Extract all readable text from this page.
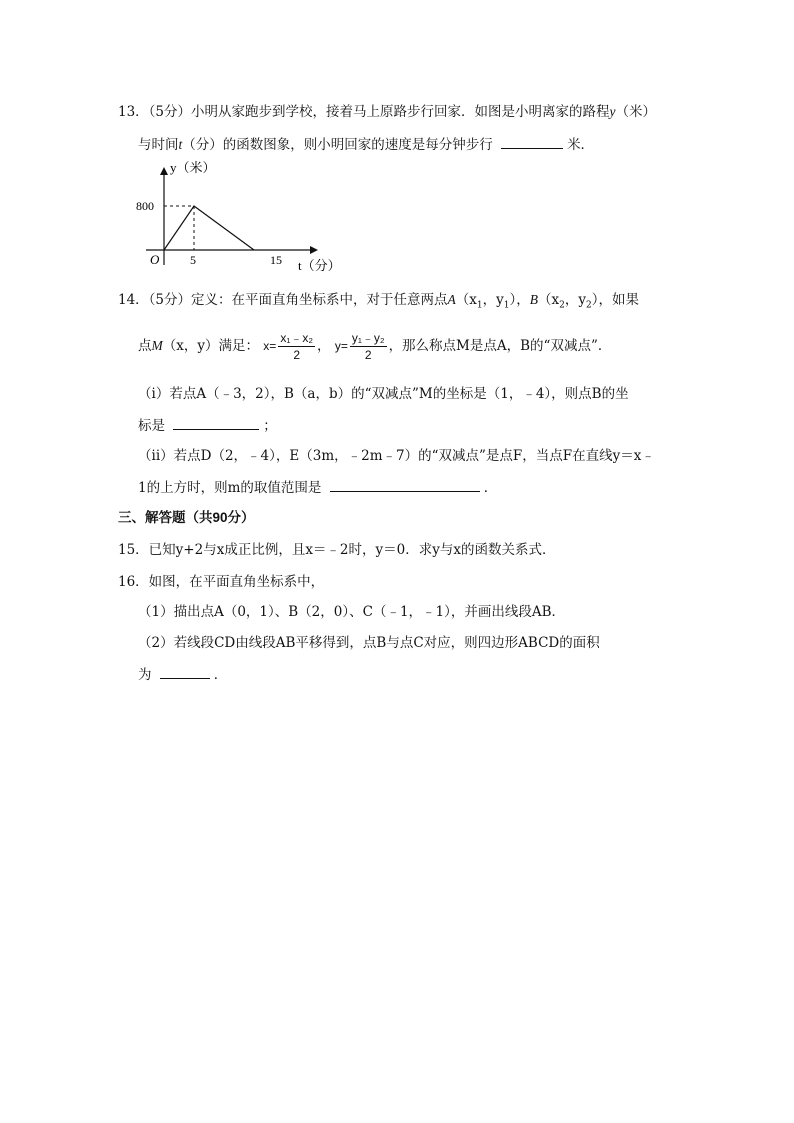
13．（5分）小明从家跑步到学校，接着马上原路步行回家．如图是小明离家的路程y（米）
与时间t（分）的函数图象，则小明回家的速度是每分钟步行	米．
y（米）
t（分）
O
800
5	15
14．（5分）定义：在平面直角坐标系中，对于任意两点$A(x_1$，$y_1$），$B(x_2$，$y_2$），如果
点M（x，y）满足： $x= \frac{\text{x₁﹣x₂}}{2}$ ， $y= \frac{\text{y₁﹣y₂}}{2}$ ，那么称点M是点A，B的“双减点”．
（i）若点A（﹣3，2），B（a，b）的“双减点”M的坐标是（1，﹣4），则点B的坐
标是	；
（ii）若点D（2，﹣4），E（3m，﹣2m﹣7）的“双减点”是点F，当点F在直线y＝x﹣
1的上方时，则m的取值范围是	．
三、解答题（共90分）
15．已知y+2与x成正比例，且x＝﹣2时，y＝0．求y与x的函数关系式．
16．如图，在平面直角坐标系中，
（1）描出点A（0，1）、B（2，0）、C（﹣1，﹣1），并画出线段AB．
（2）若线段CD由线段AB平移得到，点B与点C对应，则四边形ABCD的面积
为	．
